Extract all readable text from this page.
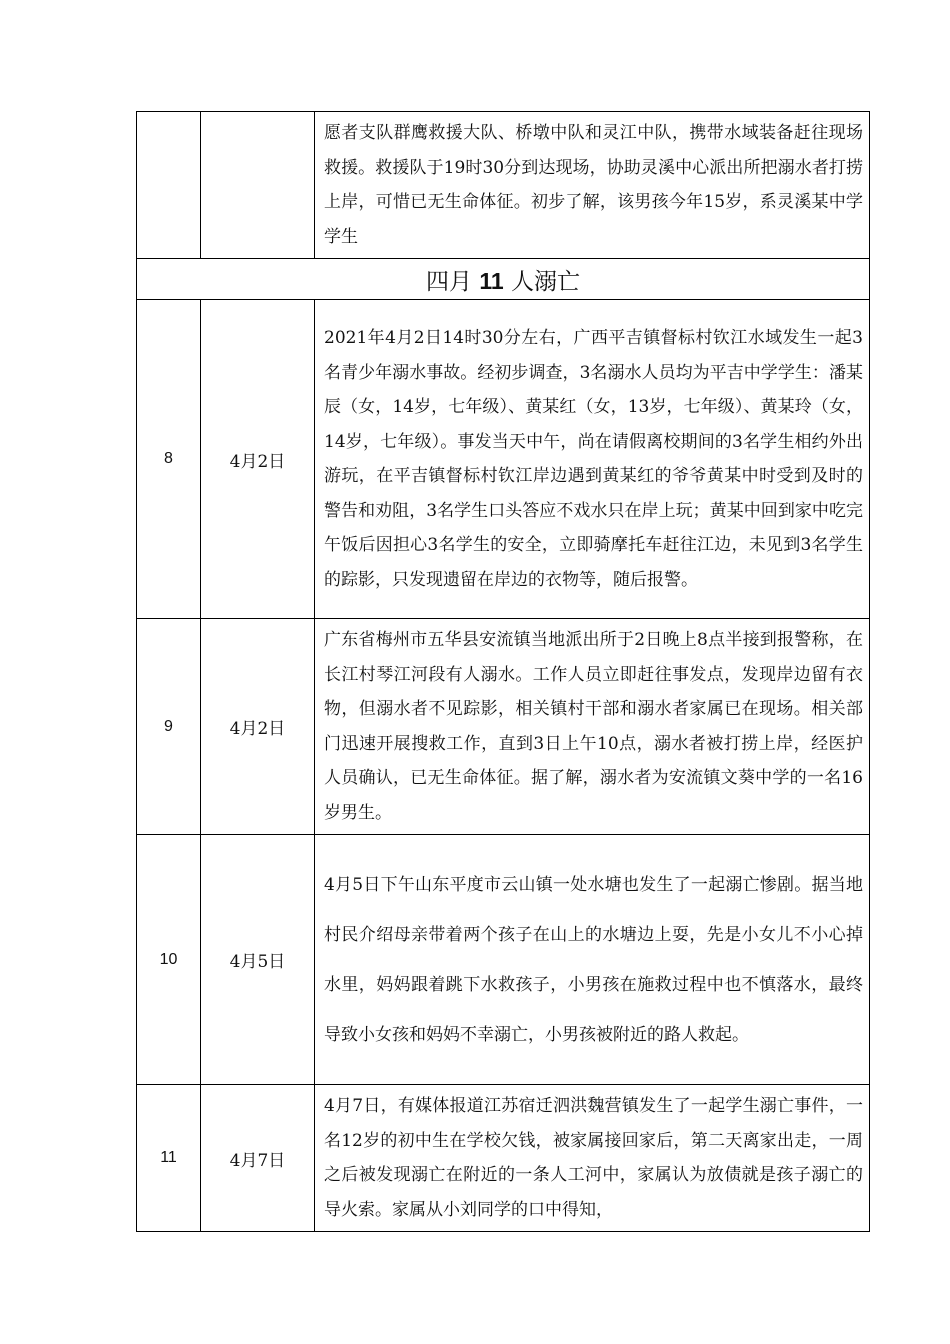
		愿者支队群鹰救援大队、桥墩中队和灵江中队，携带水域装备赶往现场救援。救援队于19时30分到达现场，协助灵溪中心派出所把溺水者打捞上岸，可惜已无生命体征。初步了解，该男孩今年15岁，系灵溪某中学学生
四月 11 人溺亡		
8	4月2日	2021年4月2日14时30分左右，广西平吉镇督标村钦江水域发生一起3名青少年溺水事故。经初步调查，3名溺水人员均为平吉中学学生：潘某辰（女，14岁，七年级）、黄某红（女，13岁，七年级）、黄某玲（女，14岁，七年级）。事发当天中午，尚在请假离校期间的3名学生相约外出游玩，在平吉镇督标村钦江岸边遇到黄某红的爷爷黄某中时受到及时的警告和劝阻，3名学生口头答应不戏水只在岸上玩；黄某中回到家中吃完午饭后因担心3名学生的安全，立即骑摩托车赶往江边，未见到3名学生的踪影，只发现遗留在岸边的衣物等，随后报警。
9	4月2日	广东省梅州市五华县安流镇当地派出所于2日晚上8点半接到报警称，在长江村琴江河段有人溺水。工作人员立即赶往事发点，发现岸边留有衣物，但溺水者不见踪影，相关镇村干部和溺水者家属已在现场。相关部门迅速开展搜救工作，直到3日上午10点，溺水者被打捞上岸，经医护人员确认，已无生命体征。据了解，溺水者为安流镇文葵中学的一名16岁男生。
10	4月5日	4月5日下午山东平度市云山镇一处水塘也发生了一起溺亡惨剧。据当地村民介绍母亲带着两个孩子在山上的水塘边上耍，先是小女儿不小心掉水里，妈妈跟着跳下水救孩子，小男孩在施救过程中也不慎落水，最终导致小女孩和妈妈不幸溺亡，小男孩被附近的路人救起。
11	4月7日	4月7日，有媒体报道江苏宿迁泗洪魏营镇发生了一起学生溺亡事件，一名12岁的初中生在学校欠钱，被家属接回家后，第二天离家出走，一周之后被发现溺亡在附近的一条人工河中，家属认为放债就是孩子溺亡的导火索。家属从小刘同学的口中得知，
